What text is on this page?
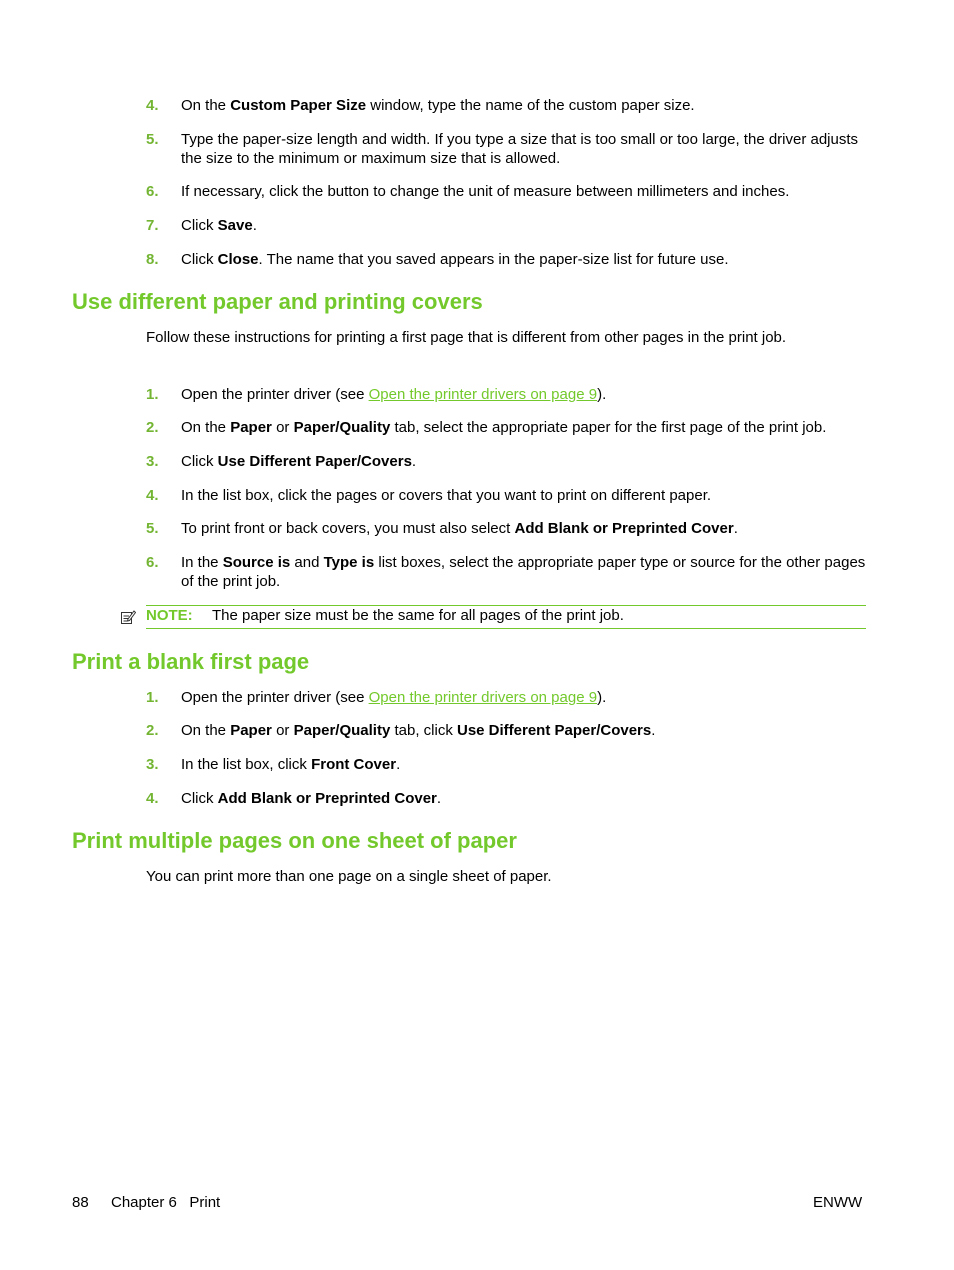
4. On the Custom Paper Size window, type the name of the custom paper size.
5. Type the paper-size length and width. If you type a size that is too small or too large, the driver adjusts the size to the minimum or maximum size that is allowed.
6. If necessary, click the button to change the unit of measure between millimeters and inches.
7. Click Save.
8. Click Close. The name that you saved appears in the paper-size list for future use.
Use different paper and printing covers
Follow these instructions for printing a first page that is different from other pages in the print job.
1. Open the printer driver (see Open the printer drivers on page 9).
2. On the Paper or Paper/Quality tab, select the appropriate paper for the first page of the print job.
3. Click Use Different Paper/Covers.
4. In the list box, click the pages or covers that you want to print on different paper.
5. To print front or back covers, you must also select Add Blank or Preprinted Cover.
6. In the Source is and Type is list boxes, select the appropriate paper type or source for the other pages of the print job.
NOTE: The paper size must be the same for all pages of the print job.
Print a blank first page
1. Open the printer driver (see Open the printer drivers on page 9).
2. On the Paper or Paper/Quality tab, click Use Different Paper/Covers.
3. In the list box, click Front Cover.
4. Click Add Blank or Preprinted Cover.
Print multiple pages on one sheet of paper
You can print more than one page on a single sheet of paper.
88 Chapter 6   Print	ENWW
